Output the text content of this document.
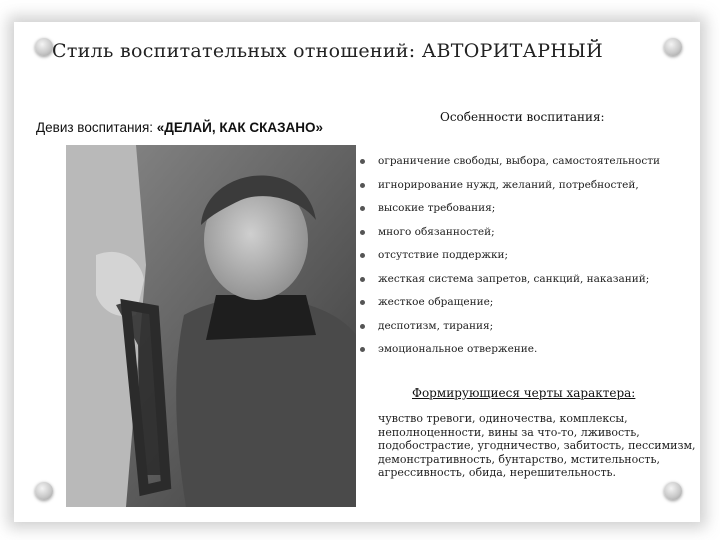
Стиль воспитательных отношений: АВТОРИТАРНЫЙ
Девиз воспитания: «ДЕЛАЙ, КАК СКАЗАНО»
Особенности воспитания:
ограничение свободы, выбора, самостоятельности
игнорирование нужд, желаний, потребностей,
высокие требования;
много обязанностей;
отсутствие поддержки;
жесткая система запретов, санкций, наказаний;
жесткое обращение;
деспотизм, тирания;
эмоциональное отвержение.
Формирующиеся черты характера:
чувство тревоги, одиночества, комплексы, неполноценности, вины за что-то, лживость, подобострастие, угодничество, забитость, пессимизм, демонстративность, бунтарство, мстительность, агрессивность, обида, нерешительность.
